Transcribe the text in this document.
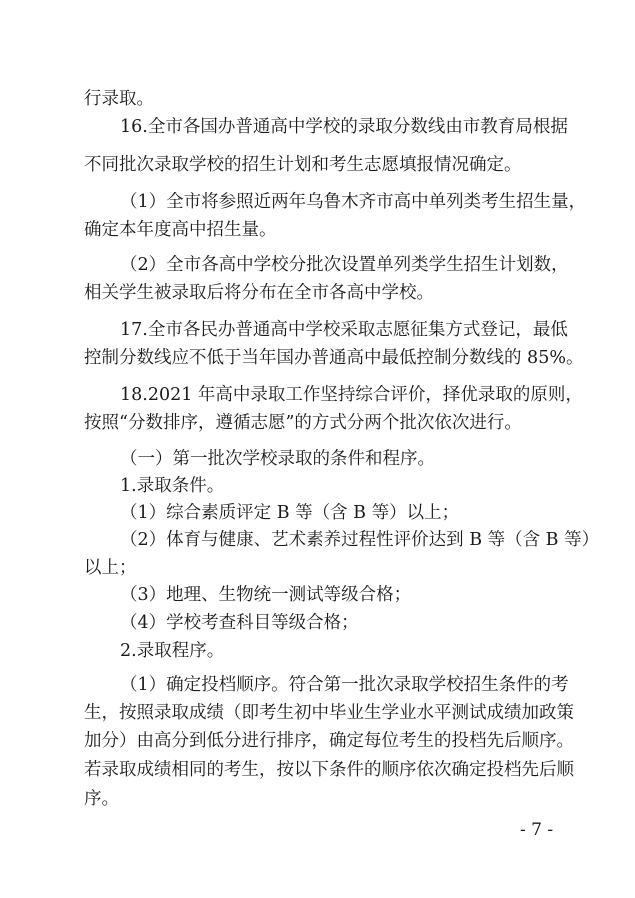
行录取。

16.全市各国办普通高中学校的录取分数线由市教育局根据

不同批次录取学校的招生计划和考生志愿填报情况确定。

（1）全市将参照近两年乌鲁木齐市高中单列类考生招生量，

确定本年度高中招生量。

（2）全市各高中学校分批次设置单列类学生招生计划数，

相关学生被录取后将分布在全市各高中学校。

17.全市各民办普通高中学校采取志愿征集方式登记，最低

控制分数线应不低于当年国办普通高中最低控制分数线的 85%。

18.2021 年高中录取工作坚持综合评价，择优录取的原则，

按照“分数排序，遵循志愿”的方式分两个批次依次进行。

（一）第一批次学校录取的条件和程序。

1.录取条件。

（1）综合素质评定 B 等（含 B 等）以上；

（2）体育与健康、艺术素养过程性评价达到 B 等（含 B 等）

以上；

（3）地理、生物统一测试等级合格；

（4）学校考查科目等级合格；

2.录取程序。

（1）确定投档顺序。符合第一批次录取学校招生条件的考

生，按照录取成绩（即考生初中毕业生学业水平测试成绩加政策

加分）由高分到低分进行排序，确定每位考生的投档先后顺序。

若录取成绩相同的考生，按以下条件的顺序依次确定投档先后顺

序。

- 7 -
